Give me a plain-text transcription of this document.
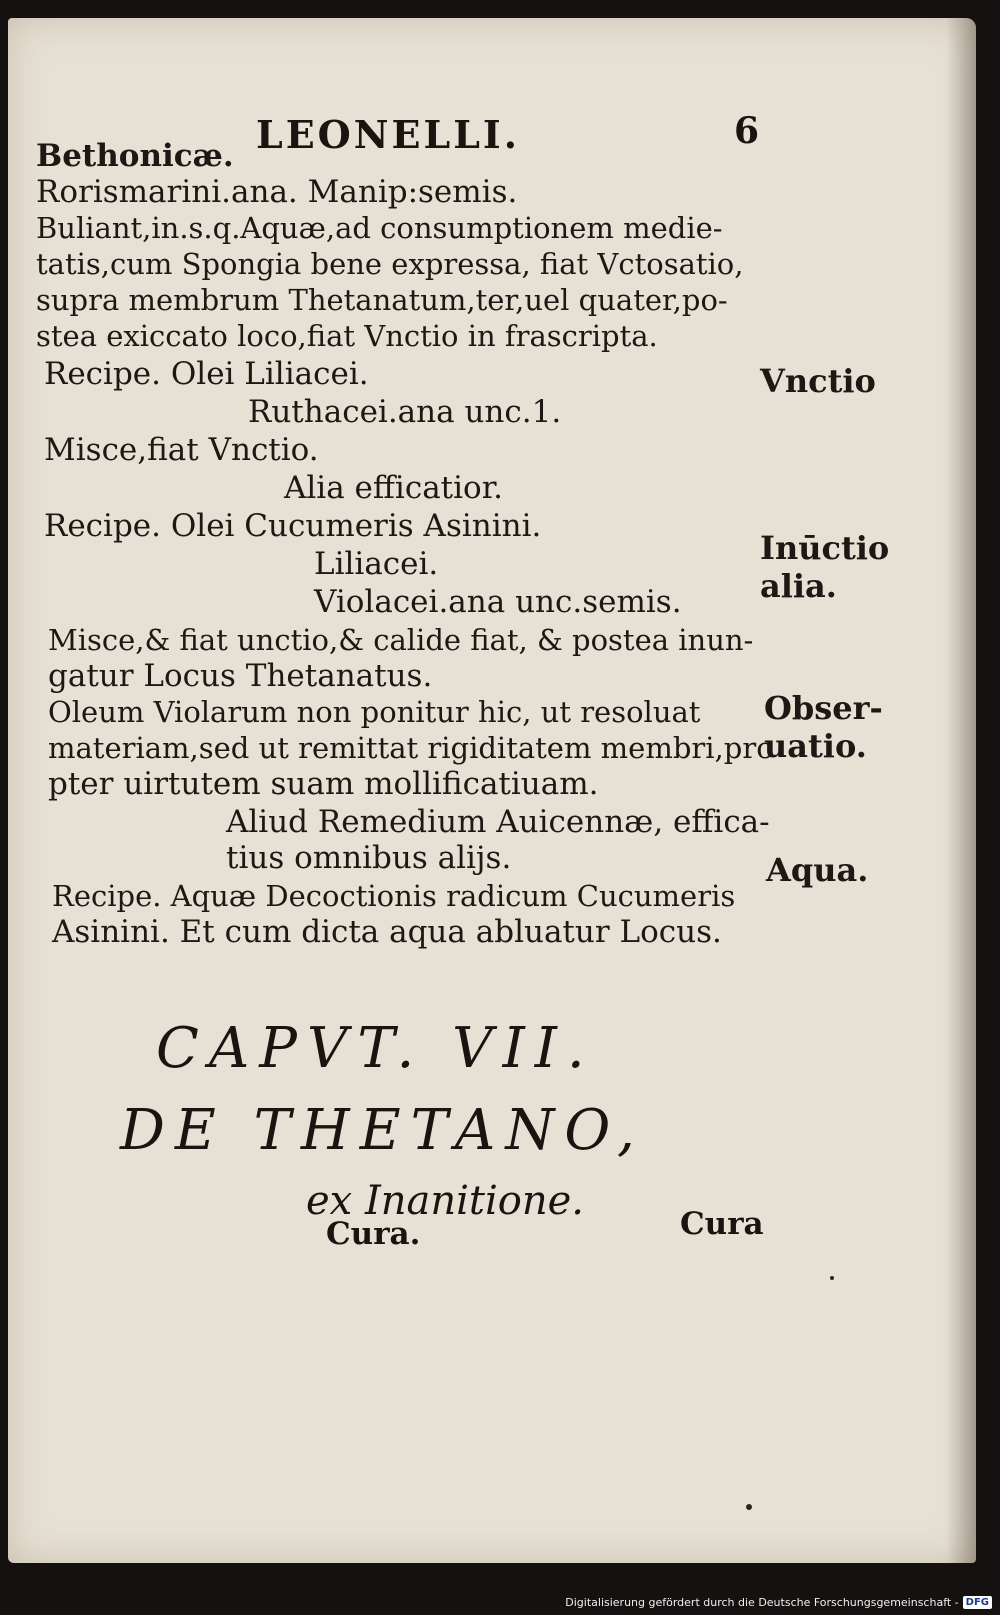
LEONELLI.	6
Bethonicæ.
Rorismarini.ana. Manip:semis.
Buliant,in.s.q.Aquæ,ad consumptionem medie-
tatis,cum Spongia bene expressa, fiat Vctosatio,
supra membrum Thetanatum,ter,uel quater,po-
stea exiccato loco,fiat Vnctio in frascripta.
Recipe. Olei Liliacei.
Ruthacei.ana unc.1.
Misce,fiat Vnctio.
Alia efficatior.
Recipe. Olei Cucumeris Asinini.
Liliacei.
Violacei.ana unc.semis.
Misce,& fiat unctio,& calide fiat, & postea inun-
gatur Locus Thetanatus.
Oleum Violarum non ponitur hic, ut resoluat
materiam,sed ut remittat rigiditatem membri,pro
pter uirtutem suam mollificatiuam.
Aliud Remedium Auicennæ, effica-
tius omnibus alijs.
Recipe. Aquæ Decoctionis radicum Cucumeris
Asinini. Et cum dicta aqua abluatur Locus.
Vnctio
Inūctio
alia.
Obser-
uatio.
Aqua.
CAPVT. VII.
DE THETANO,
ex Inanitione.
Cura.	Cura
Digitalisierung gefördert durch die Deutsche Forschungsgemeinschaft - DFG
